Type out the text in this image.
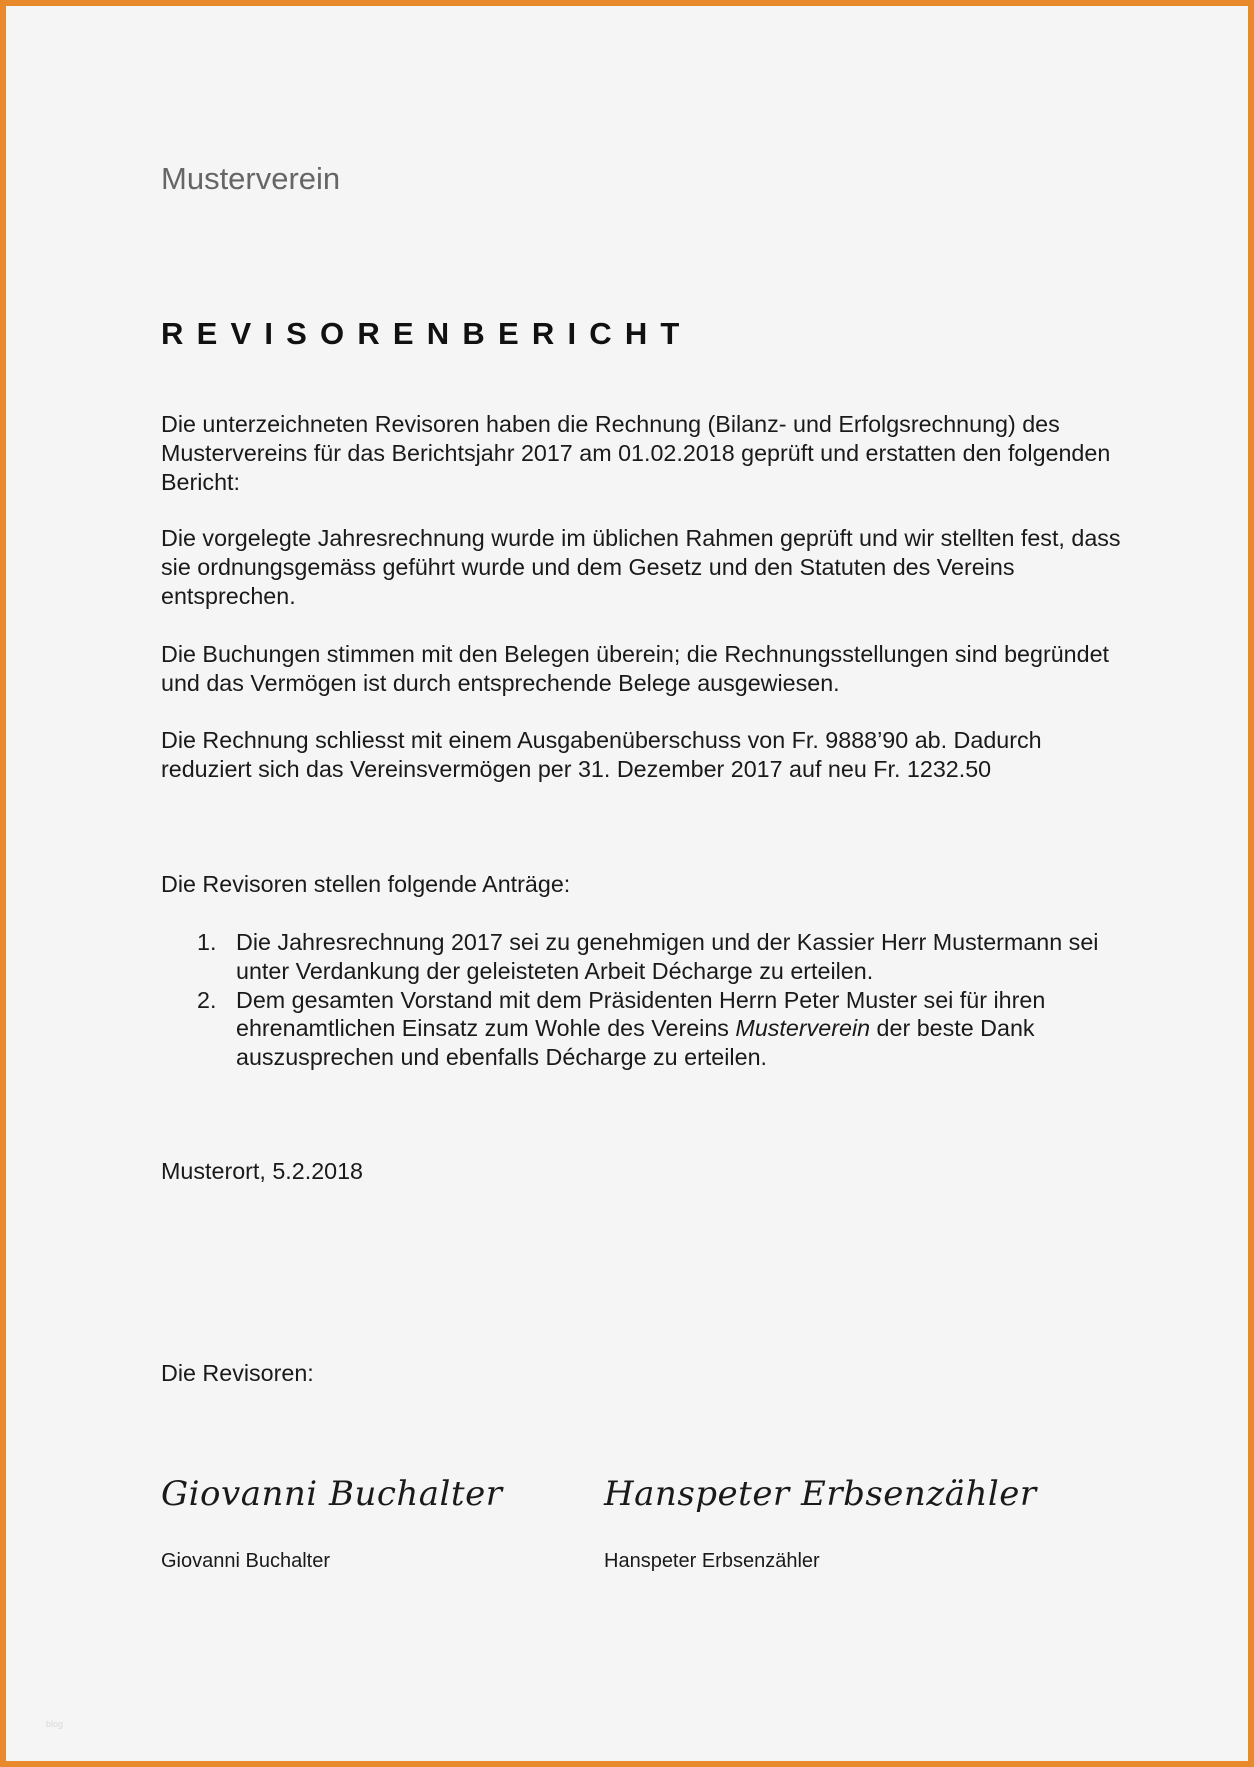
Musterverein
REVISORENBERICHT

Die unterzeichneten Revisoren haben die Rechnung (Bilanz- und Erfolgsrechnung) des Mustervereins für das Berichtsjahr 2017 am 01.02.2018 geprüft und erstatten den folgenden Bericht:

Die vorgelegte Jahresrechnung wurde im üblichen Rahmen geprüft und wir stellten fest, dass sie ordnungsgemäss geführt wurde und dem Gesetz und den Statuten des Vereins entsprechen.

Die Buchungen stimmen mit den Belegen überein; die Rechnungsstellungen sind begründet und das Vermögen ist durch entsprechende Belege ausgewiesen.

Die Rechnung schliesst mit einem Ausgabenüberschuss von Fr. 9888’90 ab. Dadurch reduziert sich das Vereinsvermögen per 31. Dezember 2017 auf neu Fr. 1232.50

Die Revisoren stellen folgende Anträge:

1. Die Jahresrechnung 2017 sei zu genehmigen und der Kassier Herr Mustermann sei unter Verdankung der geleisteten Arbeit Décharge zu erteilen.
2. Dem gesamten Vorstand mit dem Präsidenten Herrn Peter Muster sei für ihren ehrenamtlichen Einsatz zum Wohle des Vereins Musterverein der beste Dank auszusprechen und ebenfalls Décharge zu erteilen.
Musterort, 5.2.2018
Die Revisoren:
Giovanni Buchalter	Hanspeter Erbsenzähler
Giovanni Buchalter	Hanspeter Erbsenzähler
blog
